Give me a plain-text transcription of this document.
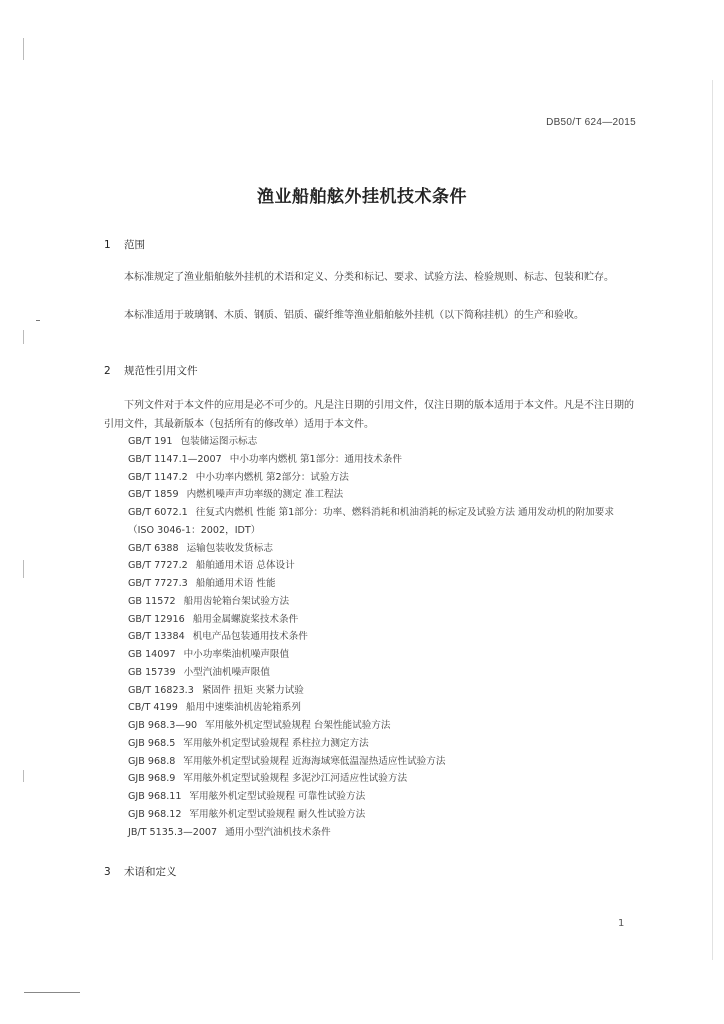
DB50/T 624—2015
渔业船舶舷外挂机技术条件
1 范围

本标准规定了渔业船舶舷外挂机的术语和定义、分类和标记、要求、试验方法、检验规则、标志、包装和贮存。

本标准适用于玻璃钢、木质、钢质、铝质、碳纤维等渔业船舶舷外挂机（以下简称挂机）的生产和验收。

2 规范性引用文件

下列文件对于本文件的应用是必不可少的。凡是注日期的引用文件，仅注日期的版本适用于本文件。凡是不注日期的引用文件，其最新版本（包括所有的修改单）适用于本文件。

GB/T 191 包装储运图示标志
GB/T 1147.1—2007 中小功率内燃机 第1部分：通用技术条件
GB/T 1147.2 中小功率内燃机 第2部分：试验方法
GB/T 1859 内燃机噪声声功率级的测定 准工程法
GB/T 6072.1 往复式内燃机 性能 第1部分：功率、燃料消耗和机油消耗的标定及试验方法 通用发动机的附加要求（ISO 3046-1：2002，IDT）
GB/T 6388 运输包装收发货标志
GB/T 7727.2 船舶通用术语 总体设计
GB/T 7727.3 船舶通用术语 性能
GB 11572 船用齿轮箱台架试验方法
GB/T 12916 船用金属螺旋桨技术条件
GB/T 13384 机电产品包装通用技术条件
GB 14097 中小功率柴油机噪声限值
GB 15739 小型汽油机噪声限值
GB/T 16823.3 紧固件 扭矩 夹紧力试验
CB/T 4199 船用中速柴油机齿轮箱系列
GJB 968.3—90 军用舷外机定型试验规程 台架性能试验方法
GJB 968.5 军用舷外机定型试验规程 系柱拉力测定方法
GJB 968.8 军用舷外机定型试验规程 近海海域寒低温湿热适应性试验方法
GJB 968.9 军用舷外机定型试验规程 多泥沙江河适应性试验方法
GJB 968.11 军用舷外机定型试验规程 可靠性试验方法
GJB 968.12 军用舷外机定型试验规程 耐久性试验方法
JB/T 5135.3—2007 通用小型汽油机技术条件
3 术语和定义
1
